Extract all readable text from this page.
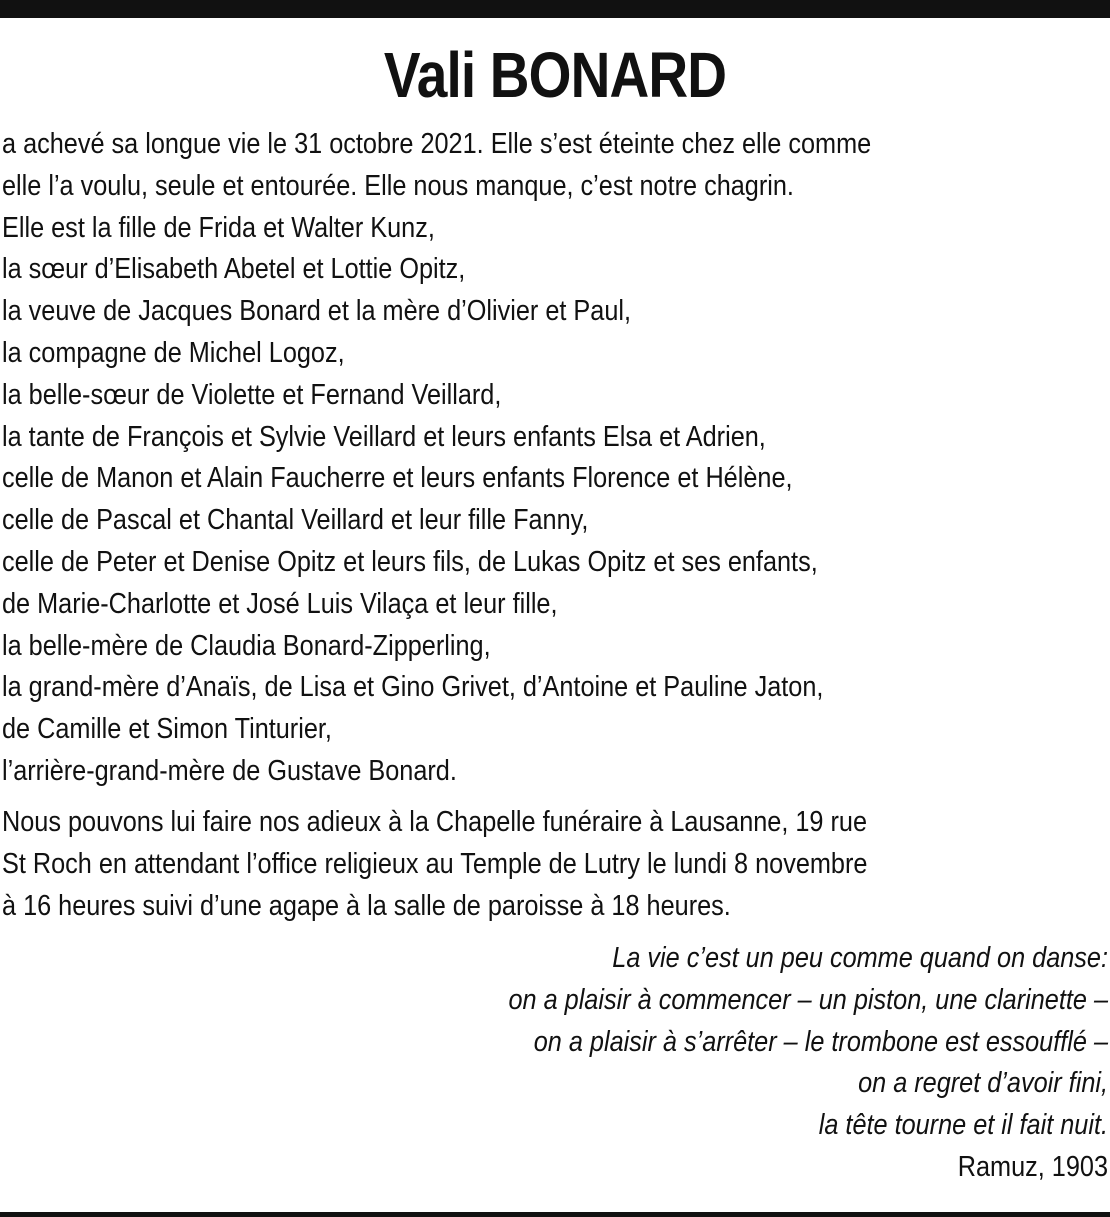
Vali BONARD
a achevé sa longue vie le 31 octobre 2021. Elle s’est éteinte chez elle comme
elle l’a voulu, seule et entourée. Elle nous manque, c’est notre chagrin.
Elle est la fille de Frida et Walter Kunz,
la sœur d’Elisabeth Abetel et Lottie Opitz,
la veuve de Jacques Bonard et la mère d’Olivier et Paul,
la compagne de Michel Logoz,
la belle-sœur de Violette et Fernand Veillard,
la tante de François et Sylvie Veillard et leurs enfants Elsa et Adrien,
celle de Manon et Alain Faucherre et leurs enfants Florence et Hélène,
celle de Pascal et Chantal Veillard et leur fille Fanny,
celle de Peter et Denise Opitz et leurs fils, de Lukas Opitz et ses enfants,
de Marie-Charlotte et José Luis Vilaça et leur fille,
la belle-mère de Claudia Bonard-Zipperling,
la grand-mère d’Anaïs, de Lisa et Gino Grivet, d’Antoine et Pauline Jaton,
de Camille et Simon Tinturier,
l’arrière-grand-mère de Gustave Bonard.
Nous pouvons lui faire nos adieux à la Chapelle funéraire à Lausanne, 19 rue
St Roch en attendant l’office religieux au Temple de Lutry le lundi 8 novembre
à 16 heures suivi d’une agape à la salle de paroisse à 18 heures.
La vie c’est un peu comme quand on danse:
on a plaisir à commencer – un piston, une clarinette –
on a plaisir à s’arrêter – le trombone est essoufflé –
on a regret d’avoir fini,
la tête tourne et il fait nuit.
Ramuz, 1903
